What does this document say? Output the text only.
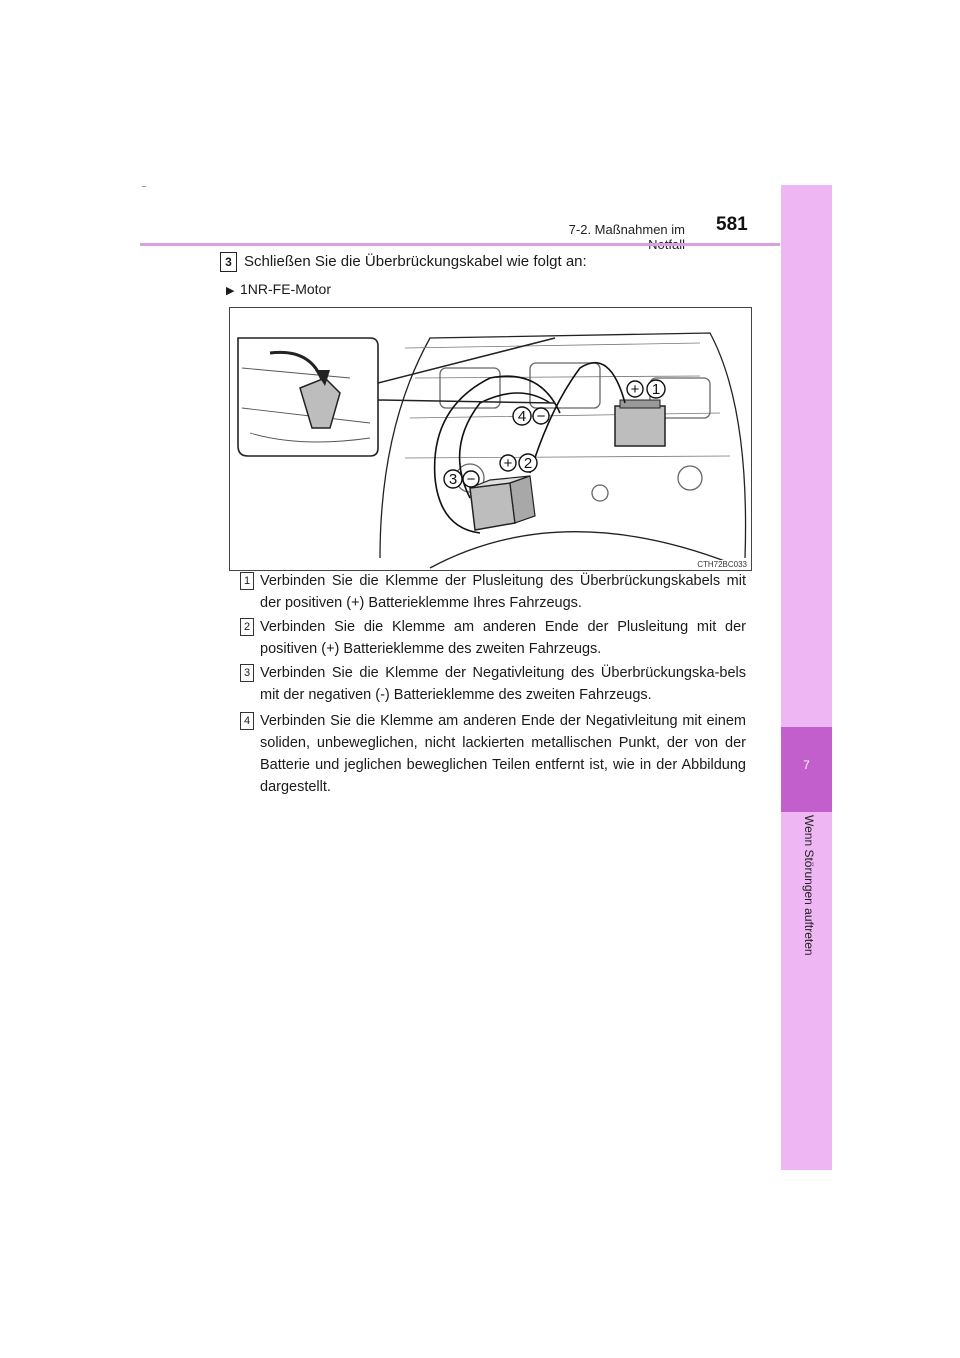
7
Wenn Störungen auftreten
7-2. Maßnahmen im 581
3 Schließen Sie die Überbrückungskabel wie folgt an:
▶ 1NR-FE-Motor
1
2
3
4
+
+
−
−
CTH72BC033
1 Verbinden Sie die Klemme der Plusleitung des Überbrückungskabels mit der positiven (+) Batterieklemme Ihres Fahrzeugs.
2 Verbinden Sie die Klemme am anderen Ende der Plusleitung mit der positiven (+) Batterieklemme des zweiten Fahrzeugs.
3 Verbinden Sie die Klemme der Negativleitung des Überbrückungska-bels mit der negativen (-) Batterieklemme des zweiten Fahrzeugs.
4 Verbinden Sie die Klemme am anderen Ende der Negativleitung mit einem soliden, unbeweglichen, nicht lackierten metallischen Punkt, der von der Batterie und jeglichen beweglichen Teilen entfernt ist, wie in der Abbildung dargestellt.
